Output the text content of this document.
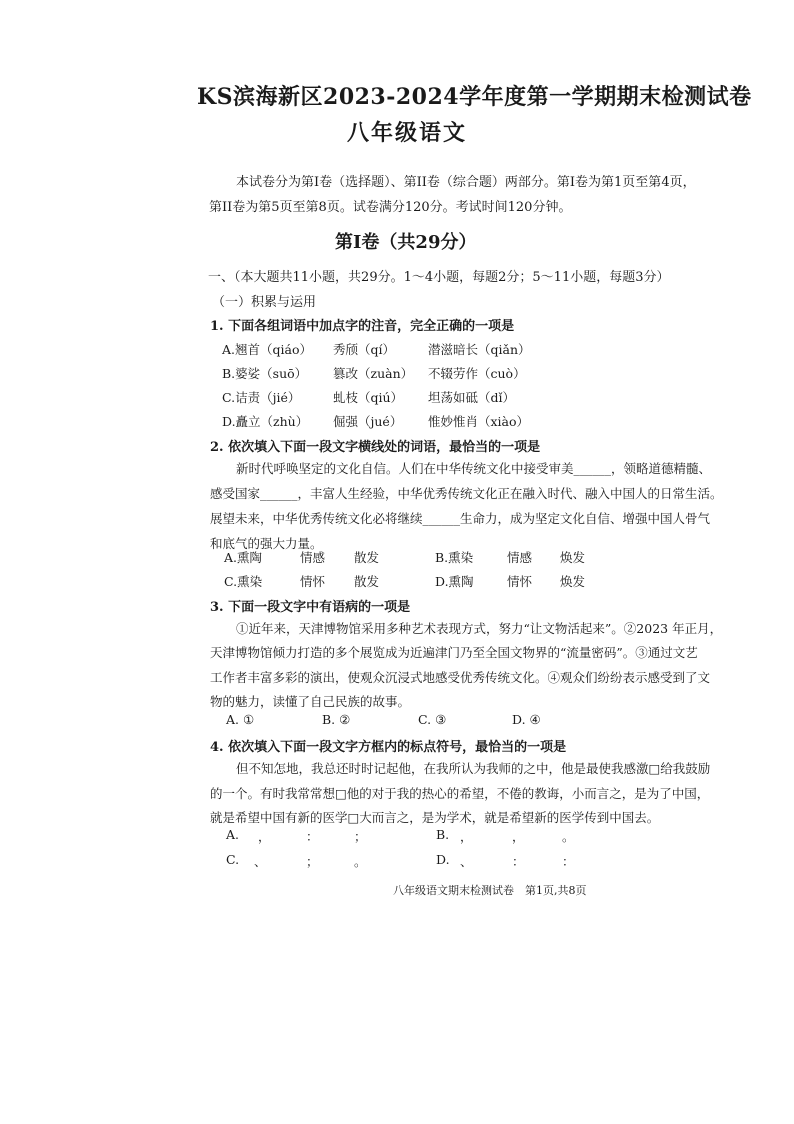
KS滨海新区2023-2024学年度第一学期期末检测试卷
八年级语文
本试卷分为第Ⅰ卷（选择题）、第II卷（综合题）两部分。第Ⅰ卷为第1页至第4页，
第II卷为第5页至第8页。试卷满分120分。考试时间120分钟。
第Ⅰ卷（共29分）
一、（本大题共11小题，共29分。1～4小题，每题2分；5～11小题，每题3分）
（一）积累与运用
1. 下面各组词语中加点字的注音，完全正确的一项是
A.翘首（qiáo） 秀颀（qí）	潜滋暗长（qiǎn）
B.婆娑（suō） 篡改（zuàn） 不辍劳作（cuò）
C.诘责（jié）	虬枝（qiú） 坦荡如砥（dǐ）
D.矗立（zhù） 倔强（jué） 惟妙惟肖（xiào）
2. 依次填入下面一段文字横线处的词语，最恰当的一项是
新时代呼唤坚定的文化自信。人们在中华传统文化中接受审美______，领略道德精髓、
感受国家______，丰富人生经验，中华优秀传统文化正在融入时代、融入中国人的日常生活。
展望未来，中华优秀传统文化必将继续______生命力，成为坚定文化自信、增强中国人骨气
和底气的强大力量。
A.熏陶	情感 散发	B.熏染	情感 焕发
C.熏染	情怀 散发	D.熏陶	情怀 焕发
3. 下面一段文字中有语病的一项是
①近年来，天津博物馆采用多种艺术表现方式，努力“让文物活起来”。②2023 年正月，
天津博物馆倾力打造的多个展览成为近遍津门乃至全国文物界的“流量密码”。③通过文艺
工作者丰富多彩的演出，使观众沉浸式地感受优秀传统文化。④观众们纷纷表示感受到了文
物的魅力，读懂了自己民族的故事。
A. ①	B. ②	C. ③	D. ④
4. 依次填入下面一段文字方框内的标点符号，最恰当的一项是
但不知怎地，我总还时时记起他，在我所认为我师的之中，他是最使我感激□给我鼓励
的一个。有时我常常想□他的对于我的热心的希望，不倦的教诲，小而言之，是为了中国，
就是希望中国有新的医学□大而言之，是为学术，就是希望新的医学传到中国去。
A. ，	：	；	B. ，	，	。
C. 、	；	。	D. 、	：	：
八年级语文期末检测试卷　第1页,共8页
